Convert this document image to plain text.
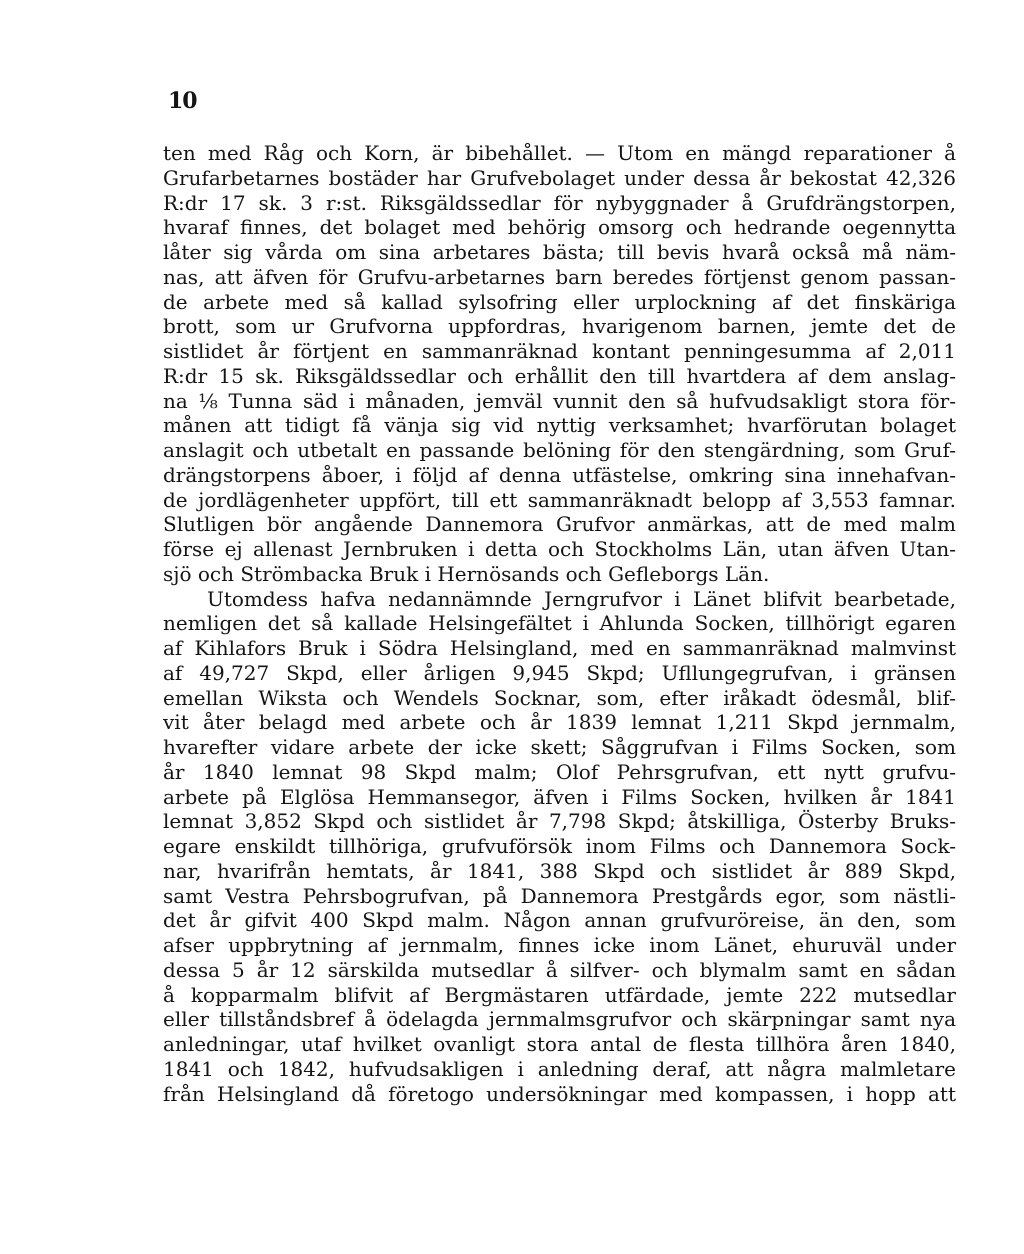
10
ten med Råg och Korn, är bibehållet. — Utom en mängd reparationer å
Grufarbetarnes bostäder har Grufvebolaget under dessa år bekostat 42,326
R:dr 17 sk. 3 r:st. Riksgäldssedlar för nybyggnader å Grufdrängstorpen,
hvaraf finnes, det bolaget med behörig omsorg och hedrande oegennytta
låter sig vårda om sina arbetares bästa; till bevis hvarå också må näm-
nas, att äfven för Grufvu-arbetarnes barn beredes förtjenst genom passan-
de arbete med så kallad sylsofring eller urplockning af det finskäriga
brott, som ur Grufvorna uppfordras, hvarigenom barnen, jemte det de
sistlidet år förtjent en sammanräknad kontant penningesumma af 2,011
R:dr 15 sk. Riksgäldssedlar och erhållit den till hvartdera af dem anslag-
na ⅛ Tunna säd i månaden, jemväl vunnit den så hufvudsakligt stora för-
månen att tidigt få vänja sig vid nyttig verksamhet; hvarförutan bolaget
anslagit och utbetalt en passande belöning för den stengärdning, som Gruf-
drängstorpens åboer, i följd af denna utfästelse, omkring sina innehafvan-
de jordlägenheter uppfört, till ett sammanräknadt belopp af 3,553 famnar.
Slutligen bör angående Dannemora Grufvor anmärkas, att de med malm
förse ej allenast Jernbruken i detta och Stockholms Län, utan äfven Utan-
sjö och Strömbacka Bruk i Hernösands och Gefleborgs Län.
Utomdess hafva nedannämnde Jerngrufvor i Länet blifvit bearbetade,
nemligen det så kallade Helsingefältet i Ahlunda Socken, tillhörigt egaren
af Kihlafors Bruk i Södra Helsingland, med en sammanräknad malmvinst
af 49,727 Skpd, eller årligen 9,945 Skpd; Ufllungegrufvan, i gränsen
emellan Wiksta och Wendels Socknar, som, efter iråkadt ödesmål, blif-
vit åter belagd med arbete och år 1839 lemnat 1,211 Skpd jernmalm,
hvarefter vidare arbete der icke skett; Såggrufvan i Films Socken, som
år 1840 lemnat 98 Skpd malm; Olof Pehrsgrufvan, ett nytt grufvu-
arbete på Elglösa Hemmansegor, äfven i Films Socken, hvilken år 1841
lemnat 3,852 Skpd och sistlidet år 7,798 Skpd; åtskilliga, Österby Bruks-
egare enskildt tillhöriga, grufvuförsök inom Films och Dannemora Sock-
nar, hvarifrån hemtats, år 1841, 388 Skpd och sistlidet år 889 Skpd,
samt Vestra Pehrsbogrufvan, på Dannemora Prestgårds egor, som nästli-
det år gifvit 400 Skpd malm. Någon annan grufvuröreise, än den, som
afser uppbrytning af jernmalm, finnes icke inom Länet, ehuruväl under
dessa 5 år 12 särskilda mutsedlar å silfver- och blymalm samt en sådan
å kopparmalm blifvit af Bergmästaren utfärdade, jemte 222 mutsedlar
eller tillståndsbref å ödelagda jernmalmsgrufvor och skärpningar samt nya
anledningar, utaf hvilket ovanligt stora antal de flesta tillhöra åren 1840,
1841 och 1842, hufvudsakligen i anledning deraf, att några malmletare
från Helsingland då företogo undersökningar med kompassen, i hopp att
